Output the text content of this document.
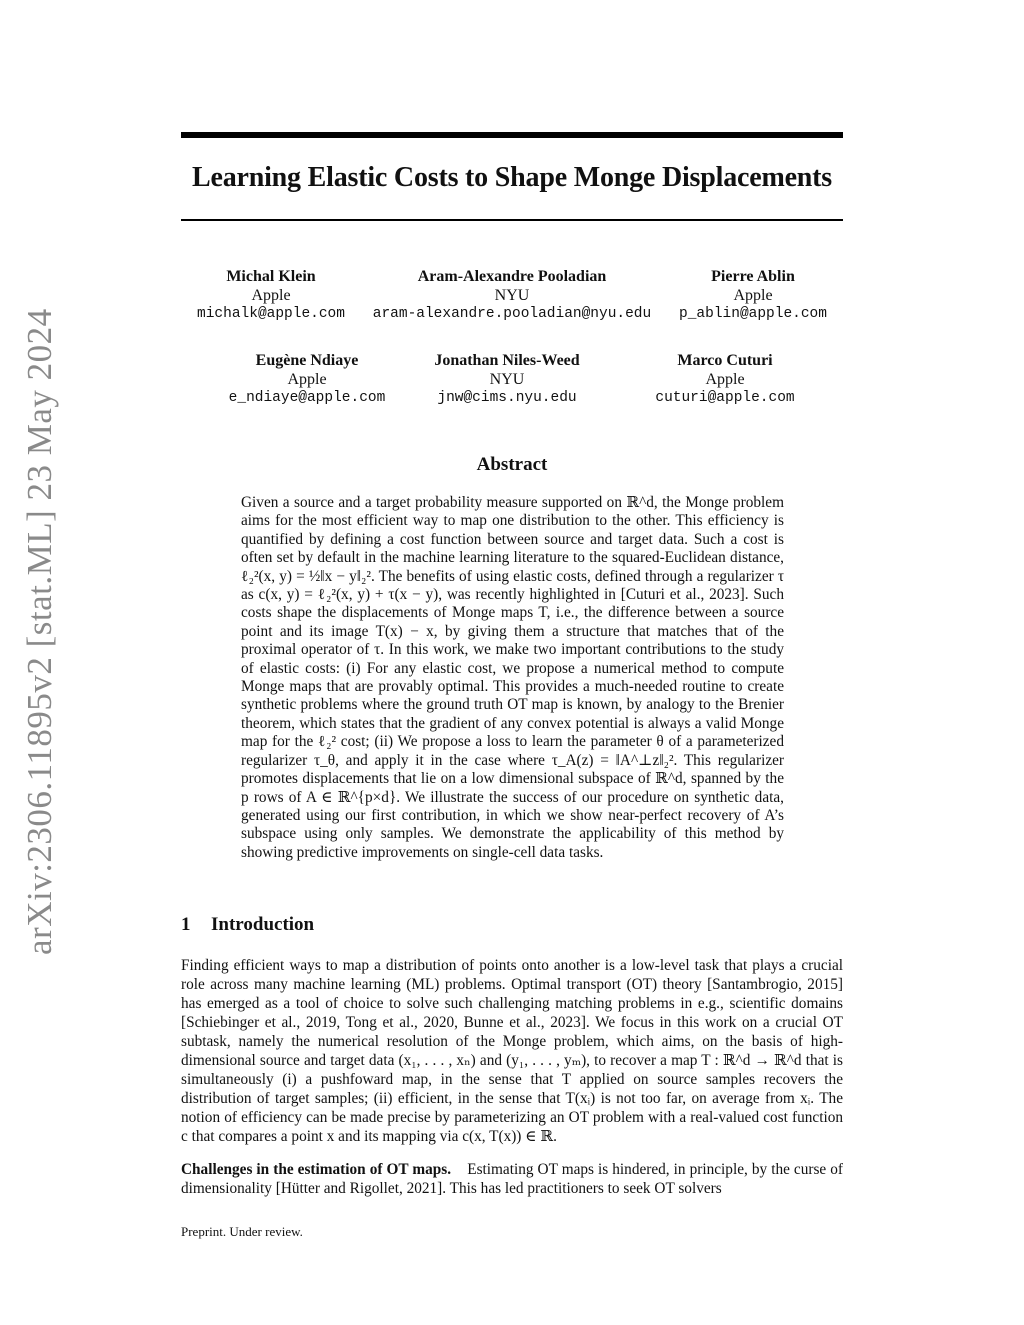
arXiv:2306.11895v2 [stat.ML] 23 May 2024
Learning Elastic Costs to Shape Monge Displacements
Michal Klein
Apple
michalk@apple.com
Aram-Alexandre Pooladian
NYU
aram-alexandre.pooladian@nyu.edu
Pierre Ablin
Apple
p_ablin@apple.com
Eugène Ndiaye
Apple
e_ndiaye@apple.com
Jonathan Niles-Weed
NYU
jnw@cims.nyu.edu
Marco Cuturi
Apple
cuturi@apple.com
Abstract

Given a source and a target probability measure supported on ℝ^d, the Monge problem aims for the most efficient way to map one distribution to the other. This efficiency is quantified by defining a cost function between source and target data. Such a cost is often set by default in the machine learning literature to the squared-Euclidean distance, ℓ₂²(x, y) = ½‖x − y‖₂². The benefits of using elastic costs, defined through a regularizer τ as c(x, y) = ℓ₂²(x, y) + τ(x − y), was recently highlighted in [Cuturi et al., 2023]. Such costs shape the displacements of Monge maps T, i.e., the difference between a source point and its image T(x) − x, by giving them a structure that matches that of the proximal operator of τ. In this work, we make two important contributions to the study of elastic costs: (i) For any elastic cost, we propose a numerical method to compute Monge maps that are provably optimal. This provides a much-needed routine to create synthetic problems where the ground truth OT map is known, by analogy to the Brenier theorem, which states that the gradient of any convex potential is always a valid Monge map for the ℓ₂² cost; (ii) We propose a loss to learn the parameter θ of a parameterized regularizer τ_θ, and apply it in the case where τ_A(z) = ‖A^⊥z‖₂². This regularizer promotes displacements that lie on a low dimensional subspace of ℝ^d, spanned by the p rows of A ∈ ℝ^{p×d}. We illustrate the success of our procedure on synthetic data, generated using our first contribution, in which we show near-perfect recovery of A’s subspace using only samples. We demonstrate the applicability of this method by showing predictive improvements on single-cell data tasks.

1 Introduction

Finding efficient ways to map a distribution of points onto another is a low-level task that plays a crucial role across many machine learning (ML) problems. Optimal transport (OT) theory [Santambrogio, 2015] has emerged as a tool of choice to solve such challenging matching problems in e.g., scientific domains [Schiebinger et al., 2019, Tong et al., 2020, Bunne et al., 2023]. We focus in this work on a crucial OT subtask, namely the numerical resolution of the Monge problem, which aims, on the basis of high-dimensional source and target data (x₁, . . . , xₙ) and (y₁, . . . , yₘ), to recover a map T : ℝ^d → ℝ^d that is simultaneously (i) a pushfoward map, in the sense that T applied on source samples recovers the distribution of target samples; (ii) efficient, in the sense that T(xᵢ) is not too far, on average from xᵢ. The notion of efficiency can be made precise by parameterizing an OT problem with a real-valued cost function c that compares a point x and its mapping via c(x, T(x)) ∈ ℝ.

Challenges in the estimation of OT maps. Estimating OT maps is hindered, in principle, by the curse of dimensionality [Hütter and Rigollet, 2021]. This has led practitioners to seek OT solvers

Preprint. Under review.
